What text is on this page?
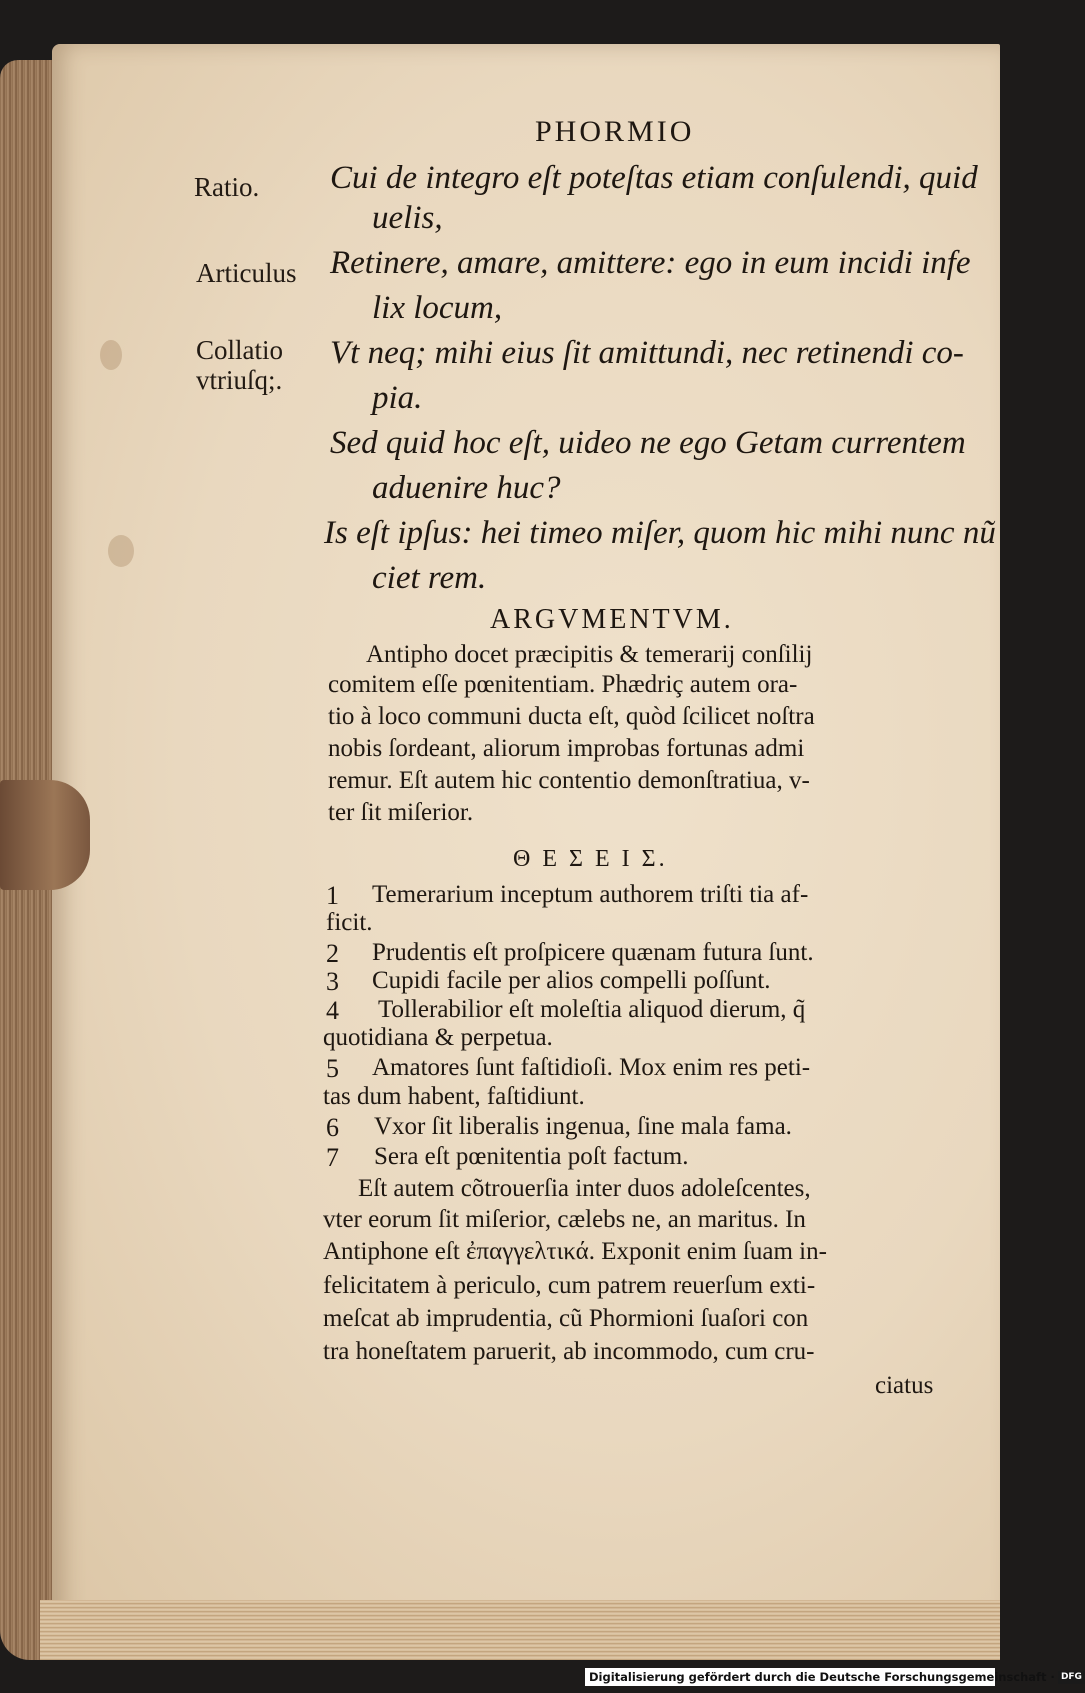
PHORMIO
Ratio.
Articulus
Collatio
vtriuſq;.
Cui de integro eſt poteſtas etiam conſulendi, quid
uelis,
Retinere, amare, amittere: ego in eum incidi infe
lix locum,
Vt neq; mihi eius ſit amittundi, nec retinendi co-
pia.
Sed quid hoc eſt, uideo ne ego Getam currentem
aduenire huc?
Is eſt ipſus: hei timeo miſer, quom hic mihi nunc nũ
ciet rem.
ARGVMENTVM.
Antipho docet præcipitis & temerarij conſilij
comitem eſſe pœnitentiam. Phædriç autem ora-
tio à loco communi ducta eſt, quòd ſcilicet noſtra
nobis ſordeant, aliorum improbas fortunas admi
remur. Eſt autem hic contentio demonſtratiua, v-
ter ſit miſerior.
Θ Ε Σ Ε Ι Σ.
1 Temerarium inceptum authorem triſti tia af-
ficit.
2 Prudentis eſt proſpicere quænam futura ſunt.
3 Cupidi facile per alios compelli poſſunt.
4 Tollerabilior eſt moleſtia aliquod dierum, q̃
quotidiana & perpetua.
5 Amatores ſunt faſtidioſi. Mox enim res peti-
tas dum habent, faſtidiunt.
6 Vxor ſit liberalis ingenua, ſine mala fama.
7 Sera eſt pœnitentia poſt factum.
Eſt autem cõtrouerſia inter duos adoleſcentes,
vter eorum ſit miſerior, cælebs ne, an maritus. In
Antiphone eſt ἐπαγγελτικά. Exponit enim ſuam in-
felicitatem à periculo, cum patrem reuerſum exti-
meſcat ab imprudentia, cũ Phormioni ſuaſori con
tra honeſtatem paruerit, ab incommodo, cum cru-
ciatus
Digitalisierung gefördert durch die Deutsche Forschungsgemeinschaft · DFG
